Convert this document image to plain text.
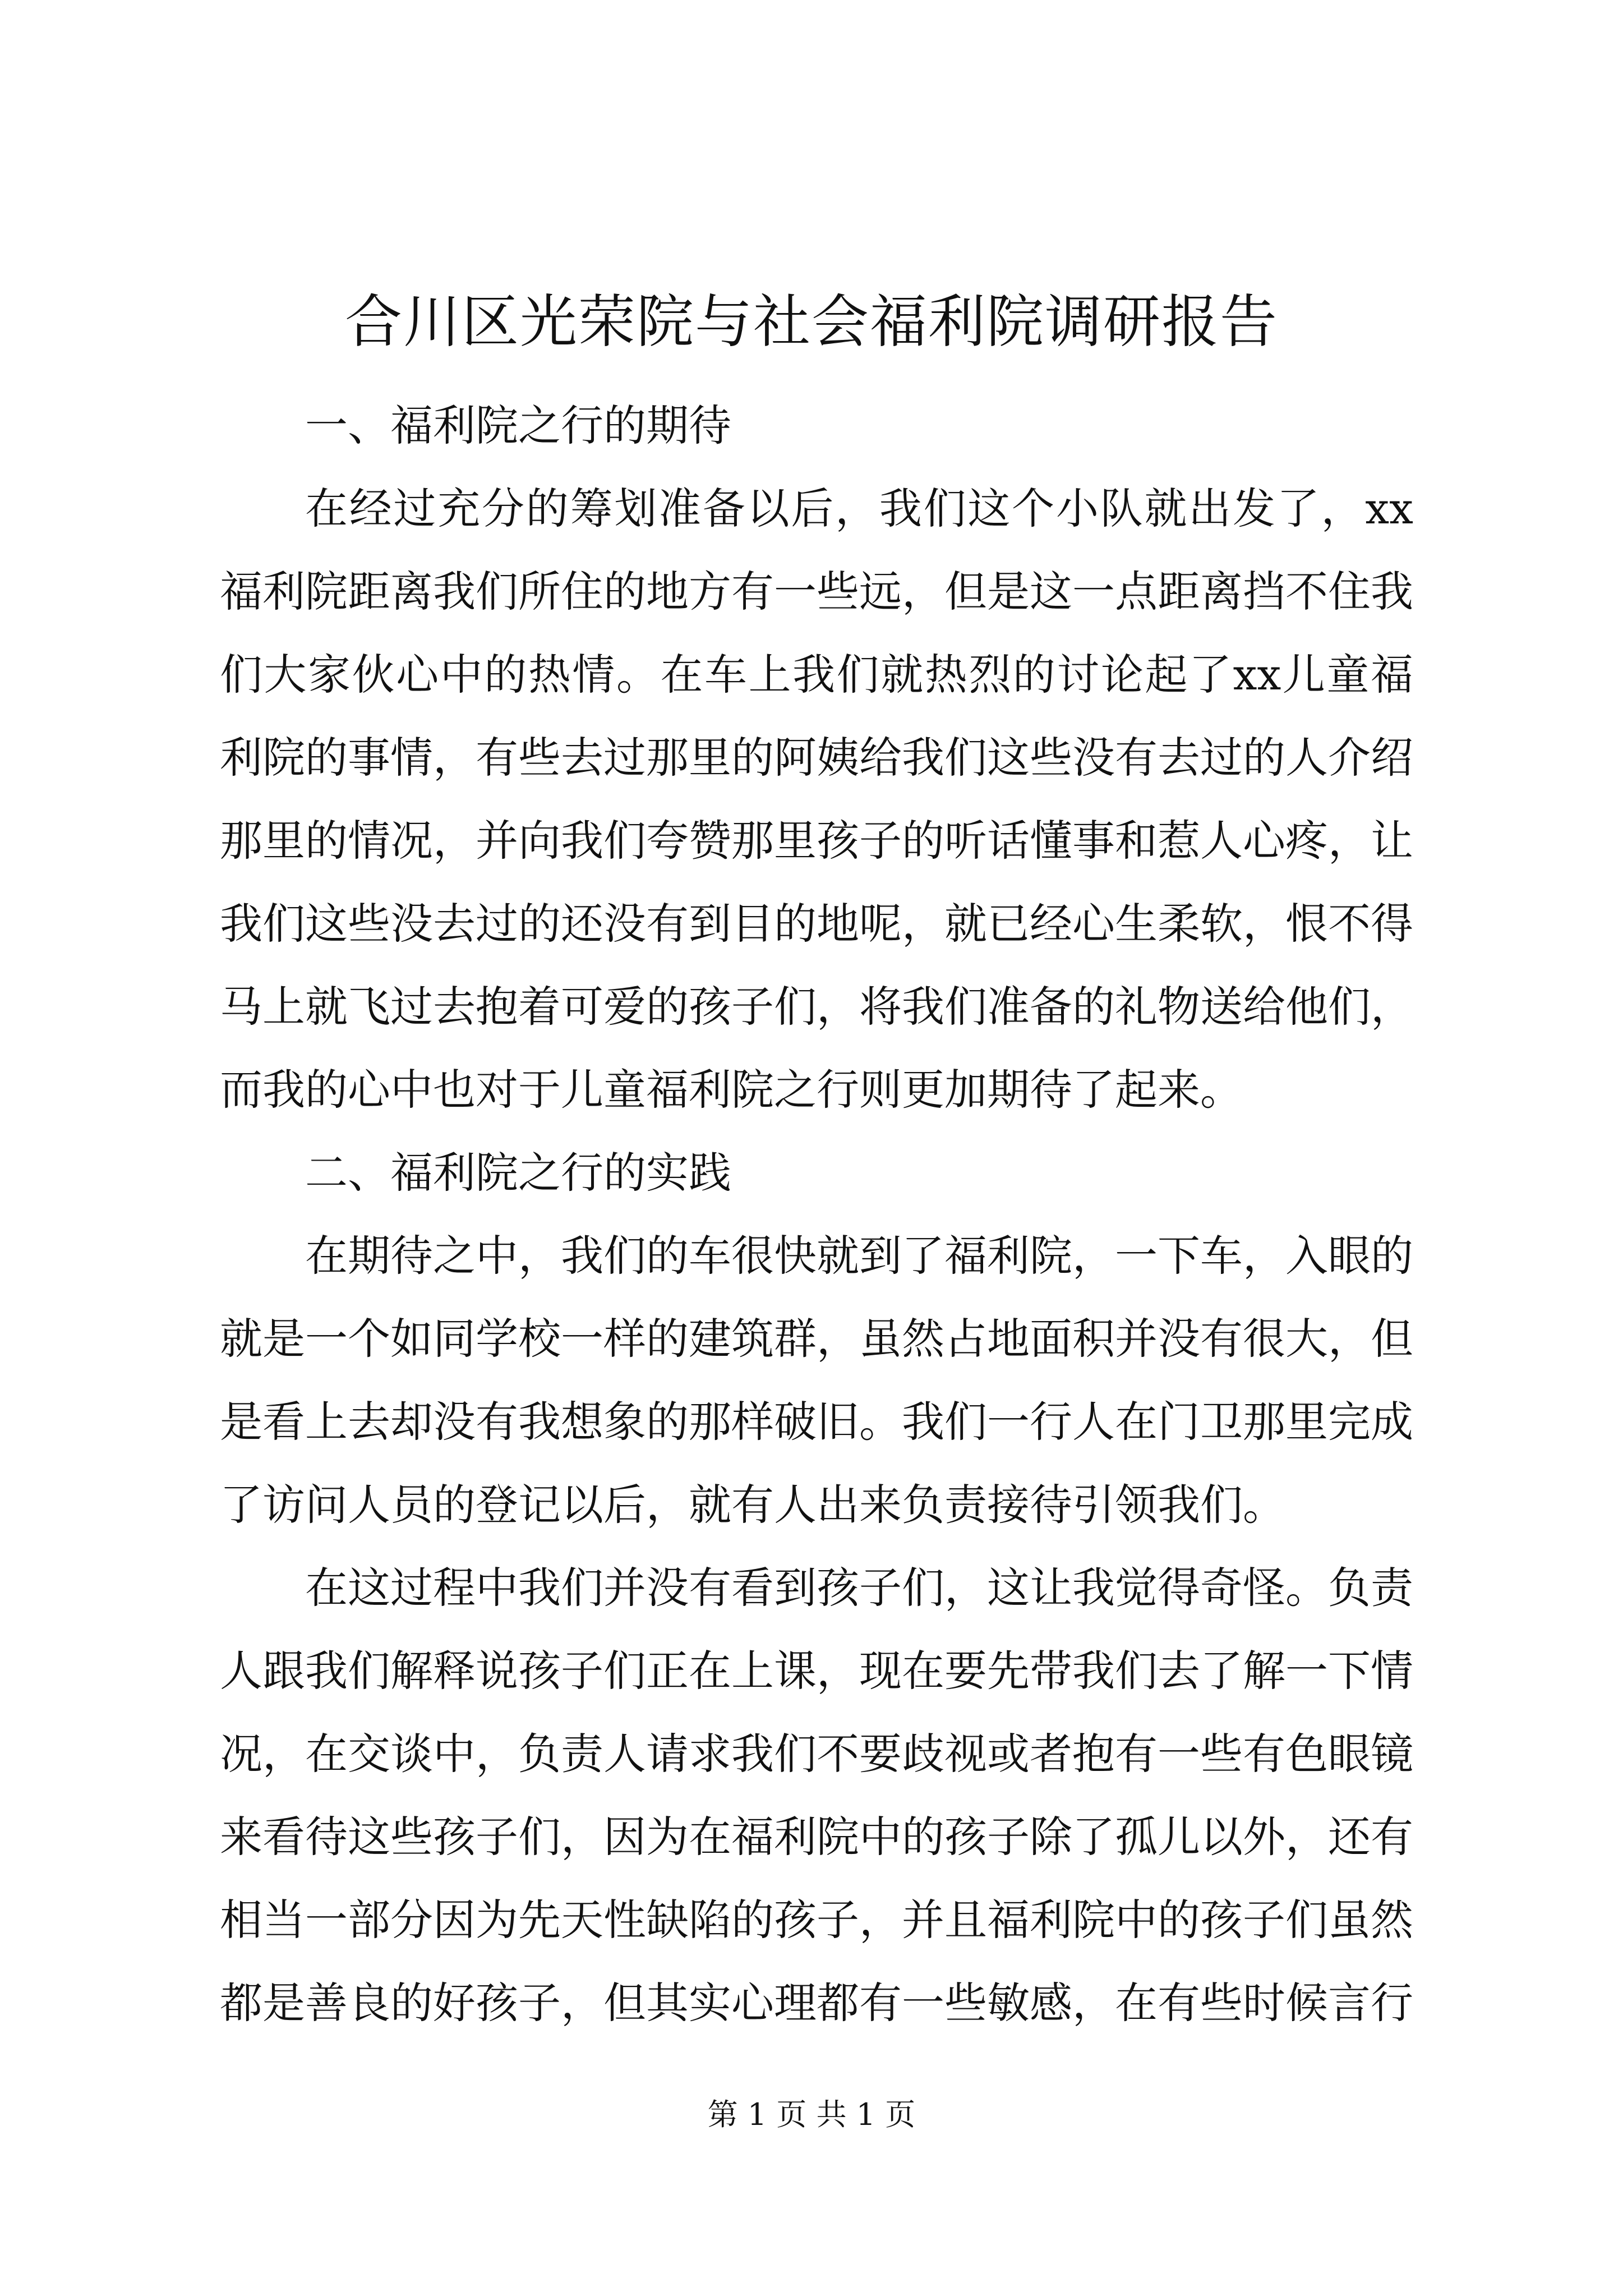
合川区光荣院与社会福利院调研报告

一、福利院之行的期待

在经过充分的筹划准备以后，我们这个小队就出发了，xx福利院距离我们所住的地方有一些远，但是这一点距离挡不住我们大家伙心中的热情。在车上我们就热烈的讨论起了xx儿童福利院的事情，有些去过那里的阿姨给我们这些没有去过的人介绍那里的情况，并向我们夸赞那里孩子的听话懂事和惹人心疼，让我们这些没去过的还没有到目的地呢，就已经心生柔软，恨不得马上就飞过去抱着可爱的孩子们，将我们准备的礼物送给他们，而我的心中也对于儿童福利院之行则更加期待了起来。

二、福利院之行的实践

在期待之中，我们的车很快就到了福利院，一下车，入眼的就是一个如同学校一样的建筑群，虽然占地面积并没有很大，但是看上去却没有我想象的那样破旧。我们一行人在门卫那里完成了访问人员的登记以后，就有人出来负责接待引领我们。

在这过程中我们并没有看到孩子们，这让我觉得奇怪。负责人跟我们解释说孩子们正在上课，现在要先带我们去了解一下情况，在交谈中，负责人请求我们不要歧视或者抱有一些有色眼镜来看待这些孩子们，因为在福利院中的孩子除了孤儿以外，还有相当一部分因为先天性缺陷的孩子，并且福利院中的孩子们虽然都是善良的好孩子，但其实心理都有一些敏感，在有些时候言行

第 1 页 共 1 页
